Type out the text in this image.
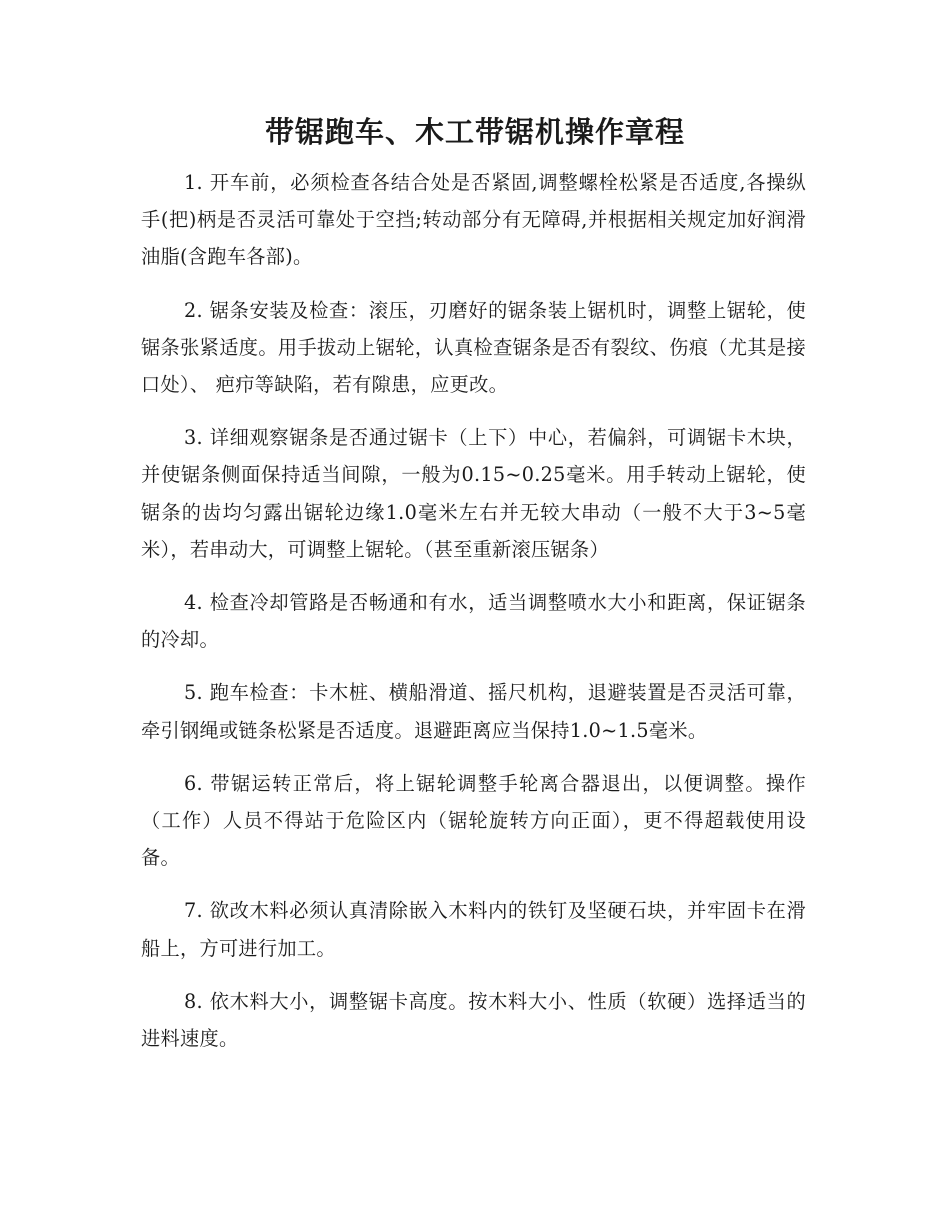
带锯跑车、木工带锯机操作章程

1. 开车前，必须检查各结合处是否紧固,调整螺栓松紧是否适度,各操纵手(把)柄是否灵活可靠处于空挡;转动部分有无障碍,并根据相关规定加好润滑油脂(含跑车各部)。

2. 锯条安装及检查：滚压，刃磨好的锯条装上锯机时，调整上锯轮，使锯条张紧适度。用手拔动上锯轮，认真检查锯条是否有裂纹、伤痕（尤其是接口处）、 疤疖等缺陷，若有隙患，应更改。

3. 详细观察锯条是否通过锯卡（上下）中心，若偏斜，可调锯卡木块，并使锯条侧面保持适当间隙，一般为0.15~0.25毫米。用手转动上锯轮，使锯条的齿均匀露出锯轮边缘1.0毫米左右并无较大串动（一般不大于3~5毫米），若串动大，可调整上锯轮。（甚至重新滚压锯条）

4. 检查冷却管路是否畅通和有水，适当调整喷水大小和距离，保证锯条的冷却。

5. 跑车检查：卡木桩、横船滑道、摇尺机构，退避装置是否灵活可靠，牵引钢绳或链条松紧是否适度。退避距离应当保持1.0~1.5毫米。

6. 带锯运转正常后，将上锯轮调整手轮离合器退出，以便调整。操作（工作）人员不得站于危险区内（锯轮旋转方向正面），更不得超载使用设备。

7. 欲改木料必须认真清除嵌入木料内的铁钉及坚硬石块，并牢固卡在滑船上，方可进行加工。

8. 依木料大小，调整锯卡高度。按木料大小、性质（软硬）选择适当的进料速度。
